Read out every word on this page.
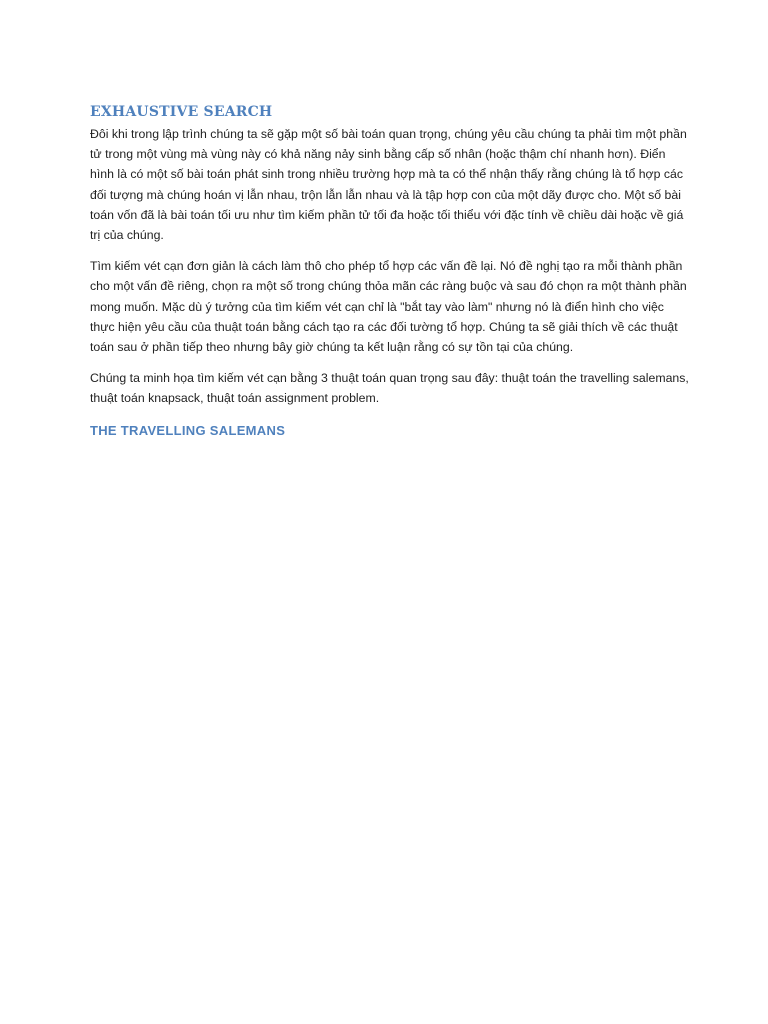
EXHAUSTIVE SEARCH

Đôi khi trong lập trình chúng ta sẽ gặp một số bài toán quan trọng, chúng yêu cầu chúng ta phải tìm một phần tử trong một vùng mà vùng này có khả năng nảy sinh bằng cấp số nhân (hoặc thậm chí nhanh hơn). Điển hình là có một số bài toán phát sinh trong nhiều trường hợp mà ta có thể nhận thấy rằng chúng là tổ hợp các đối tượng mà chúng hoán vị lẫn nhau, trộn lẫn lẫn nhau và là tập hợp con của một dãy được cho. Một số bài toán vốn đã là bài toán tối ưu như tìm kiếm phần tử tối đa hoặc tối thiểu với đặc tính về chiều dài hoặc về giá trị của chúng.

Tìm kiếm vét cạn đơn giản là cách làm thô cho phép tổ hợp các vấn đề lại. Nó đề nghị tạo ra mỗi thành phần cho một vấn đề riêng, chọn ra một số trong chúng thỏa mãn các ràng buộc và sau đó chọn ra một thành phần mong muốn. Mặc dù ý tưởng của tìm kiếm vét cạn chỉ là "bắt tay vào làm" nhưng nó là điển hình cho việc thực hiện yêu cầu của thuật toán bằng cách tạo ra các đối tường tổ hợp. Chúng ta sẽ giải thích về các thuật toán sau ở phần tiếp theo nhưng bây giờ chúng ta kết luận rằng có sự tồn tại của chúng.

Chúng ta minh họa tìm kiếm vét cạn bằng 3 thuật toán quan trọng sau đây: thuật toán the travelling salemans, thuật toán knapsack, thuật toán assignment problem.

THE TRAVELLING SALEMANS
